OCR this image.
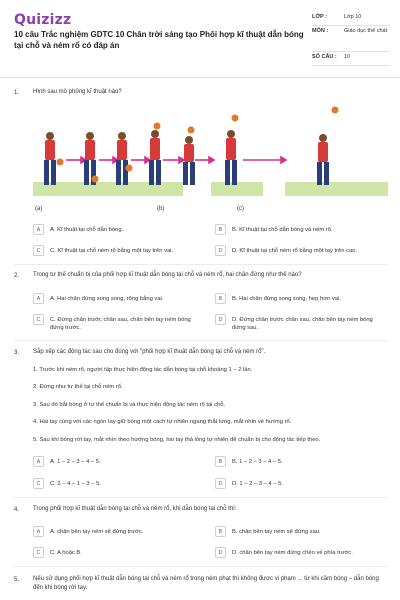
Quizizz
10 câu Trắc nghiệm GDTC 10 Chân trời sáng tạo Phối hợp kĩ thuật dẫn bóng tại chỗ và ném rổ có đáp án
LỚP :	Lớp 10
MÔN :	Giáo dục thể chất
SỐ CÂU :	10
1. Hình sau mô phỏng kĩ thuật nào?
(a)	(b)	(c)
A	A. Kĩ thuật tại chỗ dẫn bóng.	B	B. Kĩ thuật tại chỗ dẫn bóng và ném rổ.
C	C. Kĩ thuật tại chỗ ném rổ bằng một tay trên vai.	D	D. Kĩ thuật tại chỗ ném rổ bằng một tay trên cao.
2. Trong tư thế chuẩn bị của phối hợp kĩ thuật dẫn bóng tại chỗ và ném rổ, hai chân đứng như thế nào?
A	A. Hai chân đứng song song, rộng bằng vai.	B	B. Hai chân đứng song song, hẹp hơn vai.
C	C. Đứng chân trước chân sau, chân bên tay ném bóng đứng trước.
D	D. Đứng chân trước chân sau, chân bên tay ném bóng đứng sau.
3. Sắp xếp các động tác sau cho đúng với "phối hợp kĩ thuật dẫn bóng tại chỗ và ném rổ".
1. Trước khi ném rổ, người tập thực hiện động tác dẫn bóng tại chỗ khoảng 1 – 2 lần.
2. Đứng như tư thế tại chỗ ném rổ.
3. Sau đó bắt bóng ở tư thế chuẩn bị và thực hiện động tác ném rổ tại chỗ.
4. Hai tay cùng với các ngón tay giữ bóng một cách tự nhiên ngang thắt lưng, mắt nhìn về hướng rổ.
5. Sau khi bóng rời tay, mắt nhìn theo hướng bóng, hai tay thả lỏng tự nhiên để chuẩn bị cho động tác tiếp theo.
A	A. 1 – 2 – 3 – 4 – 5.	B	B. 1 – 2 – 3 – 4 – 5.
C	C. 2 – 4 – 1 – 3 – 5.	D	D. 1 – 2 – 3 – 4 – 5.
4. Trong phối hợp kĩ thuật dẫn bóng tại chỗ và ném rổ, khi dẫn bóng tại chỗ thì:
A	A. chân bên tay ném sẽ đứng trước.	B	B. chân bên tay ném sẽ đứng sau.
C	C. A hoặc B.	D	D. chân bên tay ném đứng chéo về phía trước.
5. Nếu sử dụng phối hợp kĩ thuật dẫn bóng tại chỗ và ném rổ trong ném phạt thì không được vi phạm ... từ khi cầm bóng – dẫn bóng đến khi bóng rời tay.
